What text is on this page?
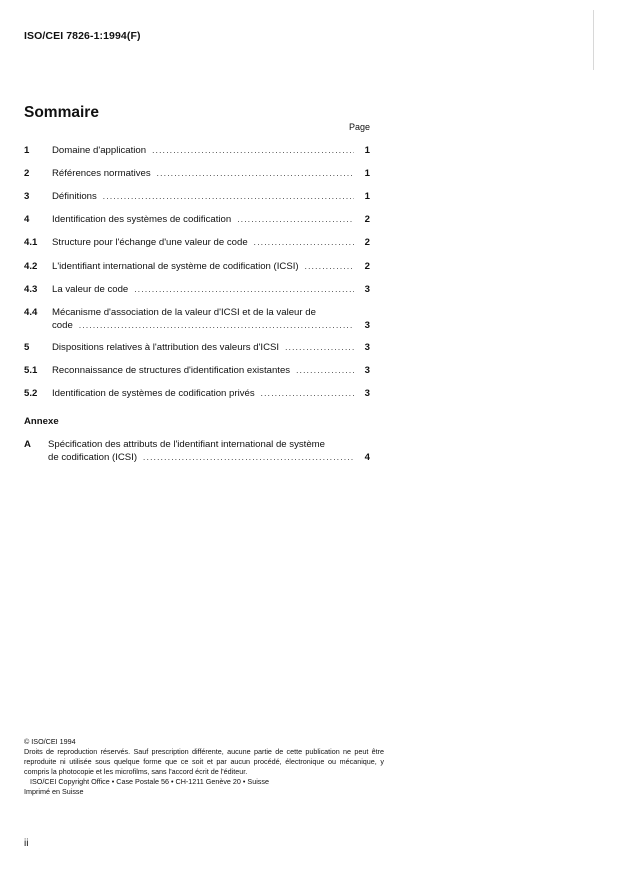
ISO/CEI 7826-1:1994(F)
Sommaire
Page
1 Domaine d'application .....	1
2 Références normatives .....	1
3 Définitions .....	1
4 Identification des systèmes de codification .....	2
4.1 Structure pour l'échange d'une valeur de code .....	2
4.2 L'identifiant international de système de codification (ICSI) .....	2
4.3 La valeur de code .....	3
4.4 Mécanisme d'association de la valeur d'ICSI et de la valeur de
code .....	3
5 Dispositions relatives à l'attribution des valeurs d'ICSI .....	3
5.1 Reconnaissance de structures d'identification existantes .....	3
5.2 Identification de systèmes de codification privés .....	3
Annexe
A Spécification des attributs de l'identifiant international de système
de codification (ICSI) .....	4
© ISO/CEI 1994
Droits de reproduction réservés. Sauf prescription différente, aucune partie de cette publication ne peut être reproduite ni utilisée sous quelque forme que ce soit et par aucun procédé, électronique ou mécanique, y compris la photocopie et les microfilms, sans l'accord écrit de l'éditeur.
ISO/CEI Copyright Office • Case Postale 56 • CH-1211 Genève 20 • Suisse
Imprimé en Suisse
ii
